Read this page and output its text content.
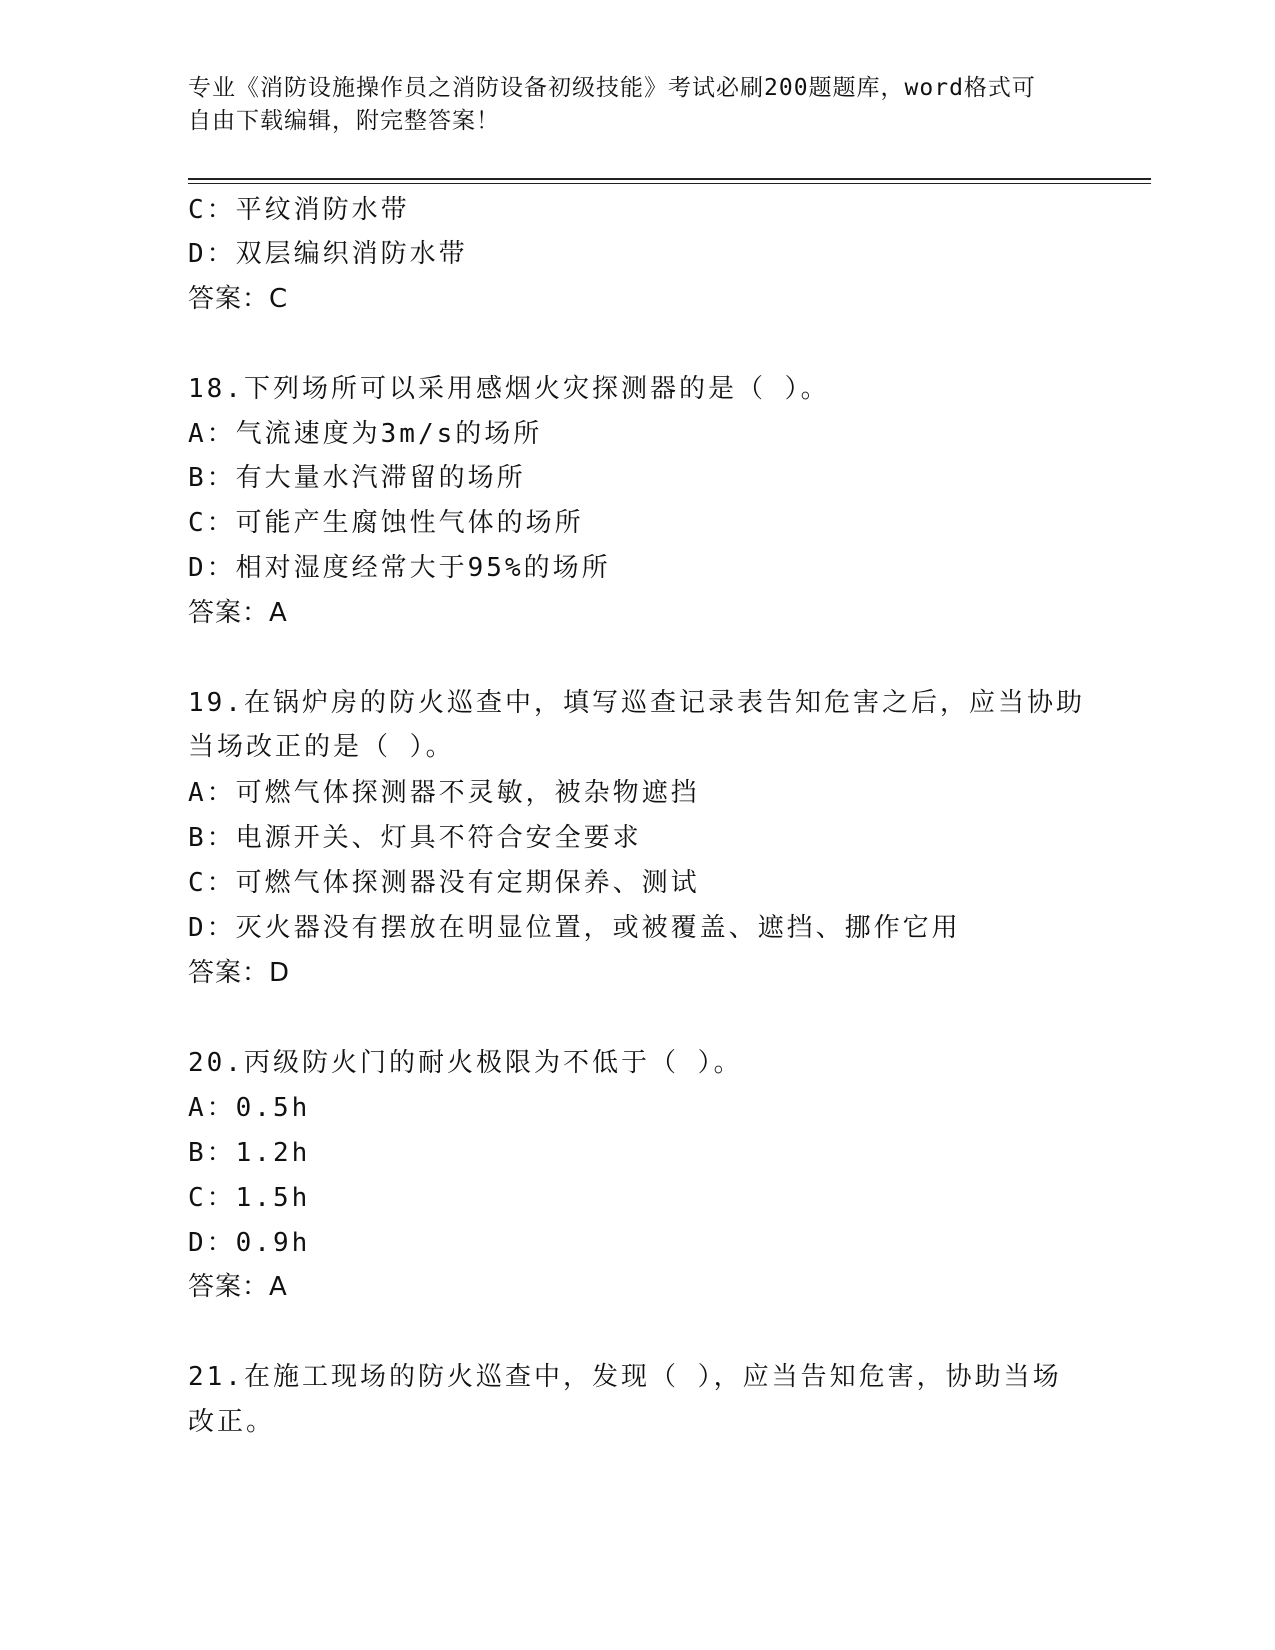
专业《消防设施操作员之消防设备初级技能》考试必刷200题题库，word格式可
自由下载编辑，附完整答案！
C：平纹消防水带
D：双层编织消防水带
答案：C
18.下列场所可以采用感烟火灾探测器的是（ ）。
A：气流速度为3m/s的场所
B：有大量水汽滞留的场所
C：可能产生腐蚀性气体的场所
D：相对湿度经常大于95%的场所
答案：A
19.在锅炉房的防火巡查中，填写巡查记录表告知危害之后，应当协助
当场改正的是（ ）。
A：可燃气体探测器不灵敏，被杂物遮挡
B：电源开关、灯具不符合安全要求
C：可燃气体探测器没有定期保养、测试
D：灭火器没有摆放在明显位置，或被覆盖、遮挡、挪作它用
答案：D
20.丙级防火门的耐火极限为不低于（ ）。
A：0.5h
B：1.2h
C：1.5h
D：0.9h
答案：A
21.在施工现场的防火巡查中，发现（ ），应当告知危害，协助当场
改正。
